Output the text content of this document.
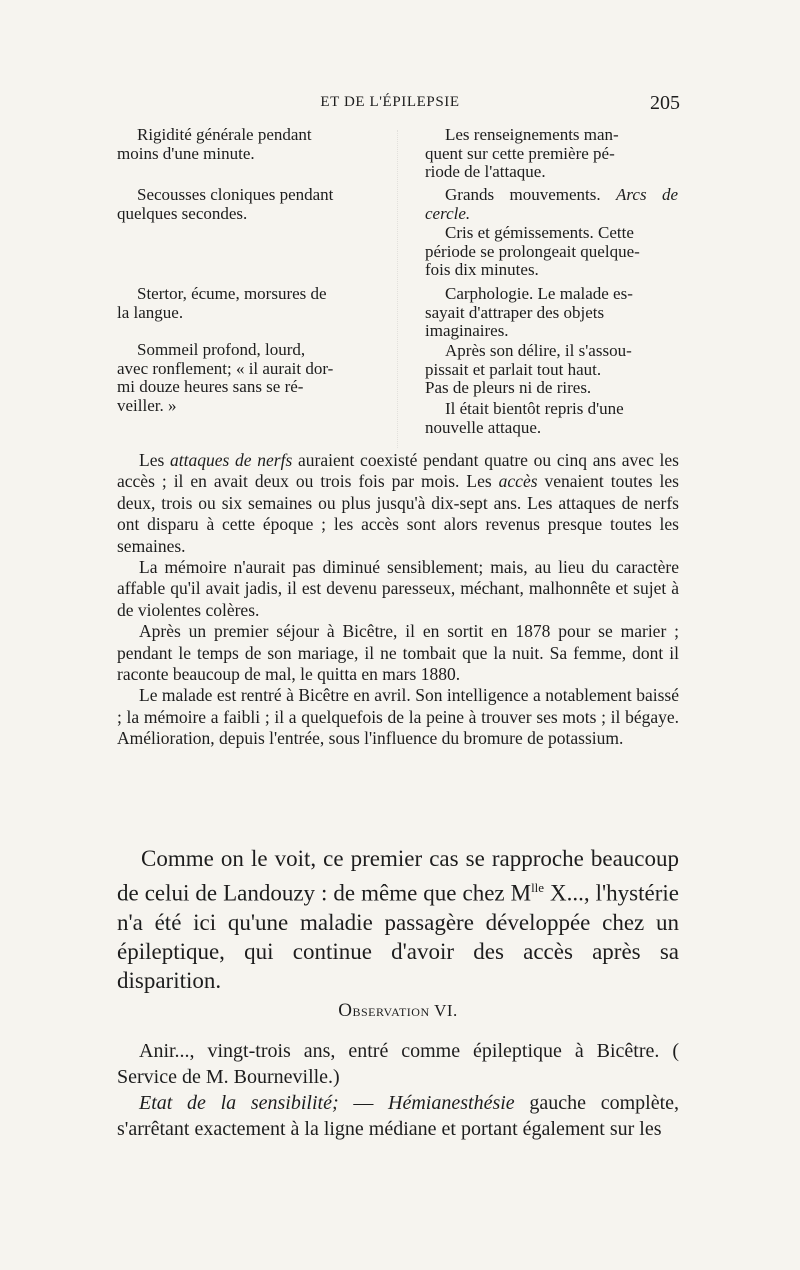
ET DE L'ÉPILEPSIE	205
Rigidité générale pendant
moins d'une minute.
Secousses cloniques pendant
quelques secondes.
Stertor, écume, morsures de
la langue.
Sommeil profond, lourd,
avec ronflement; « il aurait dor-
mi douze heures sans se ré-
veiller. »
Les renseignements man-
quent sur cette première pé-
riode de l'attaque.
Grands mouvements. Arcs de cercle.
Cris et gémissements. Cette
période se prolongeait quelque-
fois dix minutes.
Carphologie. Le malade es-
sayait d'attraper des objets
imaginaires.
Après son délire, il s'assou-
pissait et parlait tout haut.
Pas de pleurs ni de rires.
Il était bientôt repris d'une
nouvelle attaque.

Les attaques de nerfs auraient coexisté pendant quatre ou cinq ans avec les accès ; il en avait deux ou trois fois par mois. Les accès venaient toutes les deux, trois ou six semaines ou plus jusqu'à dix-sept ans. Les attaques de nerfs ont disparu à cette époque ; les accès sont alors revenus presque toutes les semaines.

La mémoire n'aurait pas diminué sensiblement; mais, au lieu du caractère affable qu'il avait jadis, il est devenu paresseux, méchant, malhonnête et sujet à de violentes colères.

Après un premier séjour à Bicêtre, il en sortit en 1878 pour se marier ; pendant le temps de son mariage, il ne tombait que la nuit. Sa femme, dont il raconte beaucoup de mal, le quitta en mars 1880.

Le malade est rentré à Bicêtre en avril. Son intelligence a notablement baissé ; la mémoire a faibli ; il a quelquefois de la peine à trouver ses mots ; il bégaye. Amélioration, depuis l'entrée, sous l'influence du bromure de potassium.

Comme on le voit, ce premier cas se rapproche beaucoup de celui de Landouzy : de même que chez $M^{lle}$ X..., l'hystérie n'a été ici qu'une maladie passagère développée chez un épileptique, qui continue d'avoir des accès après sa disparition.

Observation VI.

Anir..., vingt-trois ans, entré comme épileptique à Bicêtre. ( Service de M. Bourneville.)

Etat de la sensibilité; — Hémianesthésie gauche complète, s'arrêtant exactement à la ligne médiane et portant également sur les
